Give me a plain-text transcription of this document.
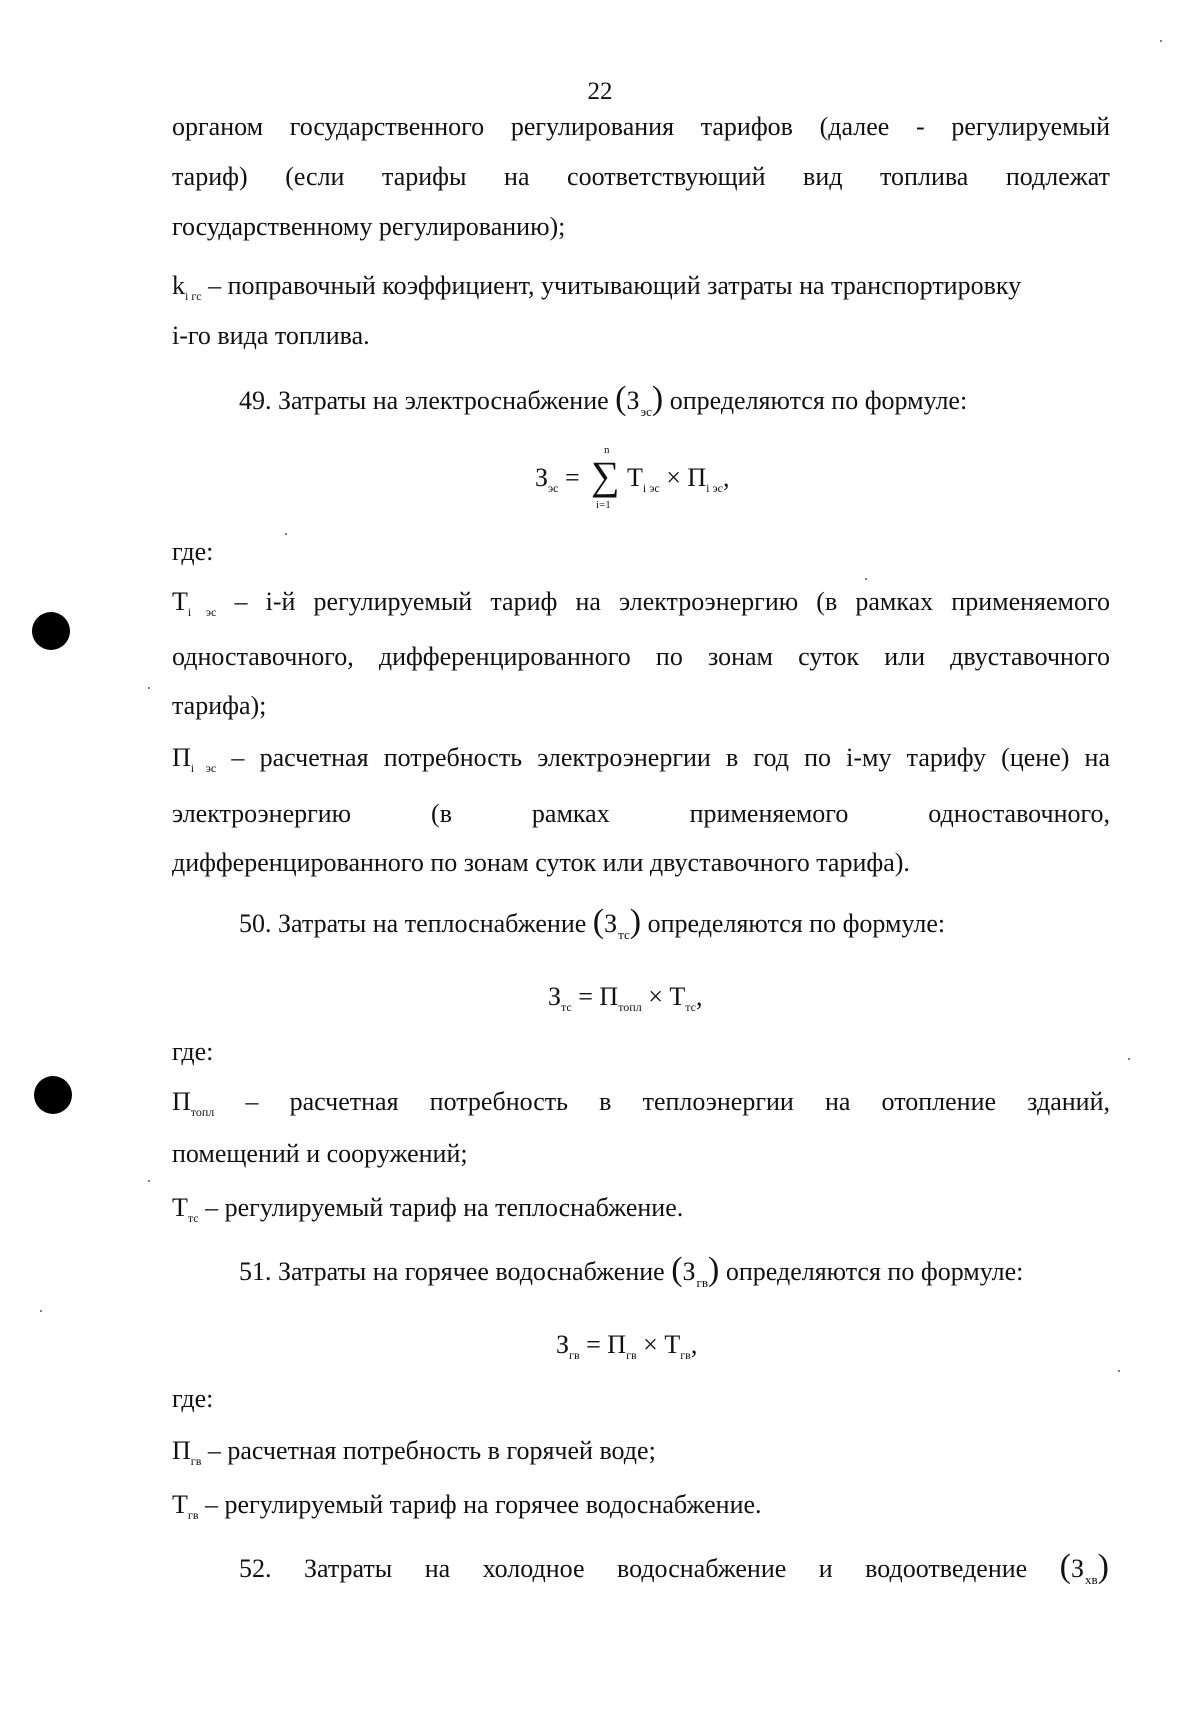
22
органом государственного регулирования тарифов (далее - регулируемый
тариф) (если тарифы на соответствующий вид топлива подлежат
государственному регулированию);
$k_{i гс}$ – поправочный коэффициент, учитывающий затраты на транспортировку
i-го вида топлива.
49. Затраты на электроснабжение $(З_{эс})$ определяются по формуле:
$З_{эс}$ =
n
∑
i=1
$T_{i эс} \times П_{i эс}$,
где:
$T_{i эс} - i-й$ регулируемый тариф на электроэнергию (в рамках применяемого
одноставочного, дифференцированного по зонам суток или двуставочного
тарифа);
$П_{i эс}$ – расчетная потребность электроэнергии в год по i-му тарифу (цене) на
электроэнергию (в рамках применяемого одноставочного,
дифференцированного по зонам суток или двуставочного тарифа).
50. Затраты на теплоснабжение $(З_{тс})$ определяются по формуле:
$З_{тс} = П_{топл} \times T_{тс}$,
где:
$П_{топл}$ – расчетная потребность в теплоэнергии на отопление зданий,
помещений и сооружений;
$T_{тс}$ – регулируемый тариф на теплоснабжение.
51. Затраты на горячее водоснабжение $(З_{гв})$ определяются по формуле:
$З_{гв} = П_{гв} \times T_{гв}$,
где:
$П_{гв}$ – расчетная потребность в горячей воде;
$T_{гв}$ – регулируемый тариф на горячее водоснабжение.
52. Затраты на холодное водоснабжение и водоотведение $(З_{хв})$
